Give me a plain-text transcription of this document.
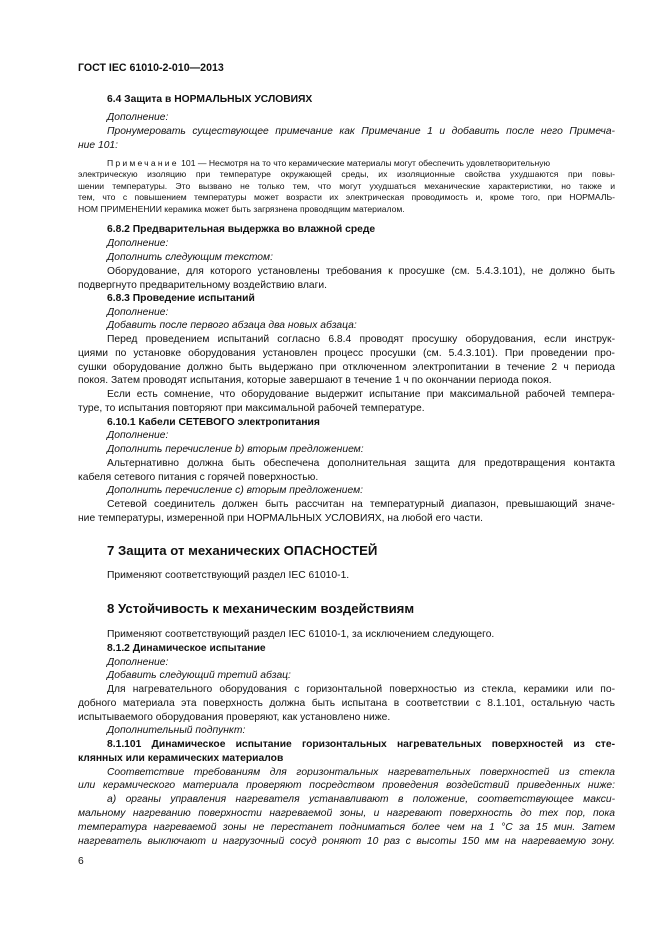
ГОСТ IEC 61010-2-010—2013
6.4 Защита в НОРМАЛЬНЫХ УСЛОВИЯХ
Дополнение:
Пронумеровать существующее примечание как Примечание 1 и добавить после него Примеча-
ние 101:
Примечание 101 — Несмотря на то что керамические материалы могут обеспечить удовлетворительную
электрическую изоляцию при температуре окружающей среды, их изоляционные свойства ухудшаются при повы-
шении температуры. Это вызвано не только тем, что могут ухудшаться механические характеристики, но также и
тем, что с повышением температуры может возрасти их электрическая проводимость и, кроме того, при НОРМАЛЬ-
НОМ ПРИМЕНЕНИИ керамика может быть загрязнена проводящим материалом.
6.8.2 Предварительная выдержка во влажной среде
Дополнение:
Дополнить следующим текстом:
Оборудование, для которого установлены требования к просушке (см. 5.4.3.101), не должно быть
подвергнуто предварительному воздействию влаги.
6.8.3 Проведение испытаний
Дополнение:
Добавить после первого абзаца два новых абзаца:
Перед проведением испытаний согласно 6.8.4 проводят просушку оборудования, если инструк-
циями по установке оборудования установлен процесс просушки (см. 5.4.3.101). При проведении про-
сушки оборудование должно быть выдержано при отключенном электропитании в течение 2 ч периода
покоя. Затем проводят испытания, которые завершают в течение 1 ч по окончании периода покоя.
Если есть сомнение, что оборудование выдержит испытание при максимальной рабочей темпера-
туре, то испытания повторяют при максимальной рабочей температуре.
6.10.1 Кабели СЕТЕВОГО электропитания
Дополнение:
Дополнить перечисление b) вторым предложением:
Альтернативно должна быть обеспечена дополнительная защита для предотвращения контакта
кабеля сетевого питания с горячей поверхностью.
Дополнить перечисление с) вторым предложением:
Сетевой соединитель должен быть рассчитан на температурный диапазон, превышающий значе-
ние температуры, измеренной при НОРМАЛЬНЫХ УСЛОВИЯХ, на любой его части.
7 Защита от механических ОПАСНОСТЕЙ
Применяют соответствующий раздел IEC 61010-1.
8 Устойчивость к механическим воздействиям
Применяют соответствующий раздел IEC 61010-1, за исключением следующего.
8.1.2 Динамическое испытание
Дополнение:
Добавить следующий третий абзац:
Для нагревательного оборудования с горизонтальной поверхностью из стекла, керамики или по-
добного материала эта поверхность должна быть испытана в соответствии с 8.1.101, остальную часть
испытываемого оборудования проверяют, как установлено ниже.
Дополнительный подпункт:
8.1.101 Динамическое испытание горизонтальных нагревательных поверхностей из сте-
клянных или керамических материалов
Соответствие требованиям для горизонтальных нагревательных поверхностей из стекла
или керамического материала проверяют посредством проведения воздействий приведенных ниже:
а) органы управления нагревателя устанавливают в положение, соответствующее макси-
мальному нагреванию поверхности нагреваемой зоны, и нагревают поверхность до тех пор, пока
температура нагреваемой зоны не перестанет подниматься более чем на 1 °С за 15 мин. Затем
нагреватель выключают и нагрузочный сосуд роняют 10 раз с высоты 150 мм на нагреваемую зону.
6
